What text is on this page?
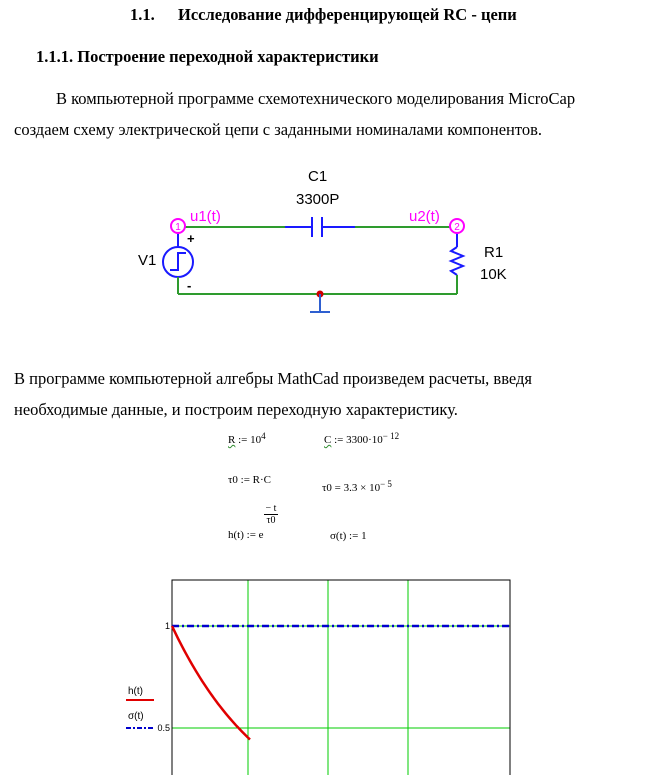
1.1. Исследование дифференцирующей RC - цепи
1.1.1. Построение переходной характеристики
В компьютерной программе схемотехнического моделирования MicroCap
создаем схему электрической цепи с заданными номиналами компонентов.
1	2
C1
3300P
u1(t)	u2(t)
V1
+
-
R1
10K
В программе компьютерной алгебры MathCad произведем расчеты, введя
необходимые данные, и построим переходную характеристику.
R := $10^4$	C := $3300\cdot 10^{- 12}$
τ0 := R·C
$\tau 0 = 3.3 \times 10^{- 5}$
h(t) := e
$\frac{- t}{\tau 0}$
σ(t) := 1
1
0.5
h(t)
σ(t)
